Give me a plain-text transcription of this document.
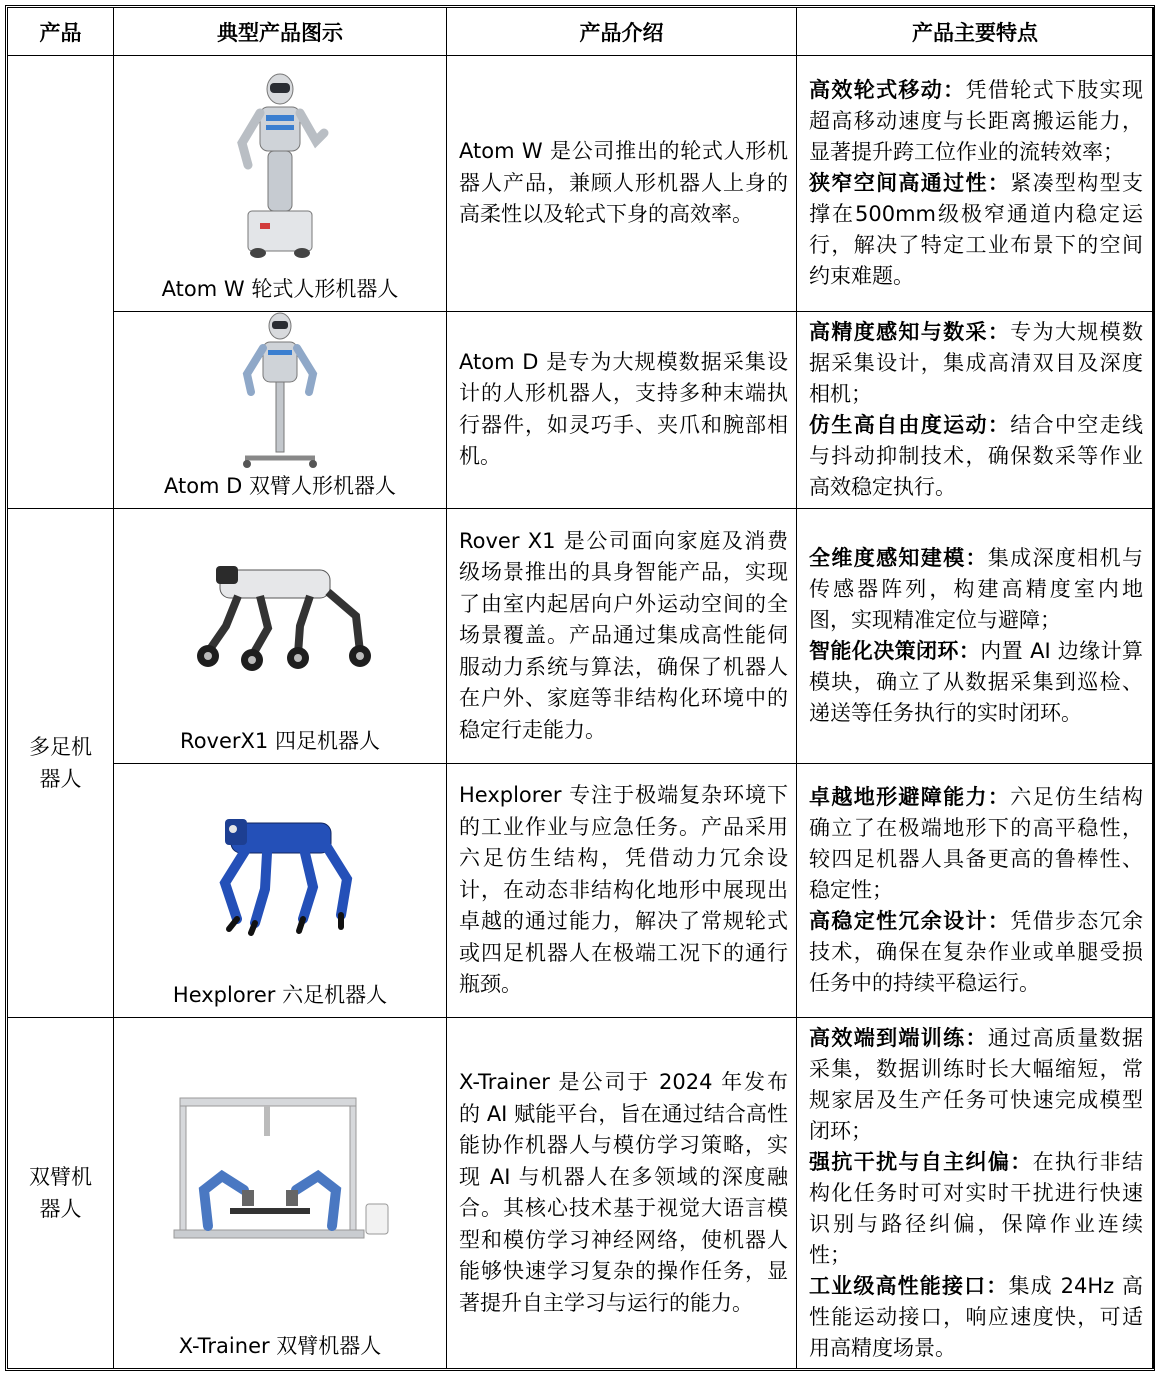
产品	典型产品图示	产品介绍	产品主要特点

	Atom W 轮式人形机器人	Atom W 是公司推出的轮式人形机器人产品，兼顾人形机器人上身的高柔性以及轮式下身的高效率。	高效轮式移动：凭借轮式下肢实现超高移动速度与长距离搬运能力，显著提升跨工位作业的流转效率；

狭窄空间高通过性：紧凑型构型支撑在500mm级极窄通道内稳定运行，解决了特定工业布景下的空间约束难题。

	Atom D 双臂人形机器人	Atom D 是专为大规模数据采集设计的人形机器人，支持多种末端执行器件，如灵巧手、夹爪和腕部相机。	高精度感知与数采：专为大规模数据采集设计，集成高清双目及深度相机；

仿生高自由度运动：结合中空走线与抖动抑制技术，确保数采等作业高效稳定执行。

多足机器人	RoverX1 四足机器人	Rover X1 是公司面向家庭及消费级场景推出的具身智能产品，实现了由室内起居向户外运动空间的全场景覆盖。产品通过集成高性能伺服动力系统与算法，确保了机器人在户外、家庭等非结构化环境中的稳定行走能力。	全维度感知建模：集成深度相机与传感器阵列，构建高精度室内地图，实现精准定位与避障；

智能化决策闭环：内置 AI 边缘计算模块，确立了从数据采集到巡检、递送等任务执行的实时闭环。

	Hexplorer 六足机器人	Hexplorer 专注于极端复杂环境下的工业作业与应急任务。产品采用六足仿生结构，凭借动力冗余设计，在动态非结构化地形中展现出卓越的通过能力，解决了常规轮式或四足机器人在极端工况下的通行瓶颈。	卓越地形避障能力：六足仿生结构确立了在极端地形下的高平稳性，较四足机器人具备更高的鲁棒性、稳定性；

高稳定性冗余设计：凭借步态冗余技术，确保在复杂作业或单腿受损任务中的持续平稳运行。

双臂机器人	X-Trainer 双臂机器人	X-Trainer 是公司于 2024 年发布的 AI 赋能平台，旨在通过结合高性能协作机器人与模仿学习策略，实现 AI 与机器人在多领域的深度融合。其核心技术基于视觉大语言模型和模仿学习神经网络，使机器人能够快速学习复杂的操作任务，显著提升自主学习与运行的能力。	高效端到端训练：通过高质量数据采集，数据训练时长大幅缩短，常规家居及生产任务可快速完成模型闭环；

强抗干扰与自主纠偏：在执行非结构化任务时可对实时干扰进行快速识别与路径纠偏，保障作业连续性；

工业级高性能接口：集成 24Hz 高性能运动接口，响应速度快，可适用高精度场景。
